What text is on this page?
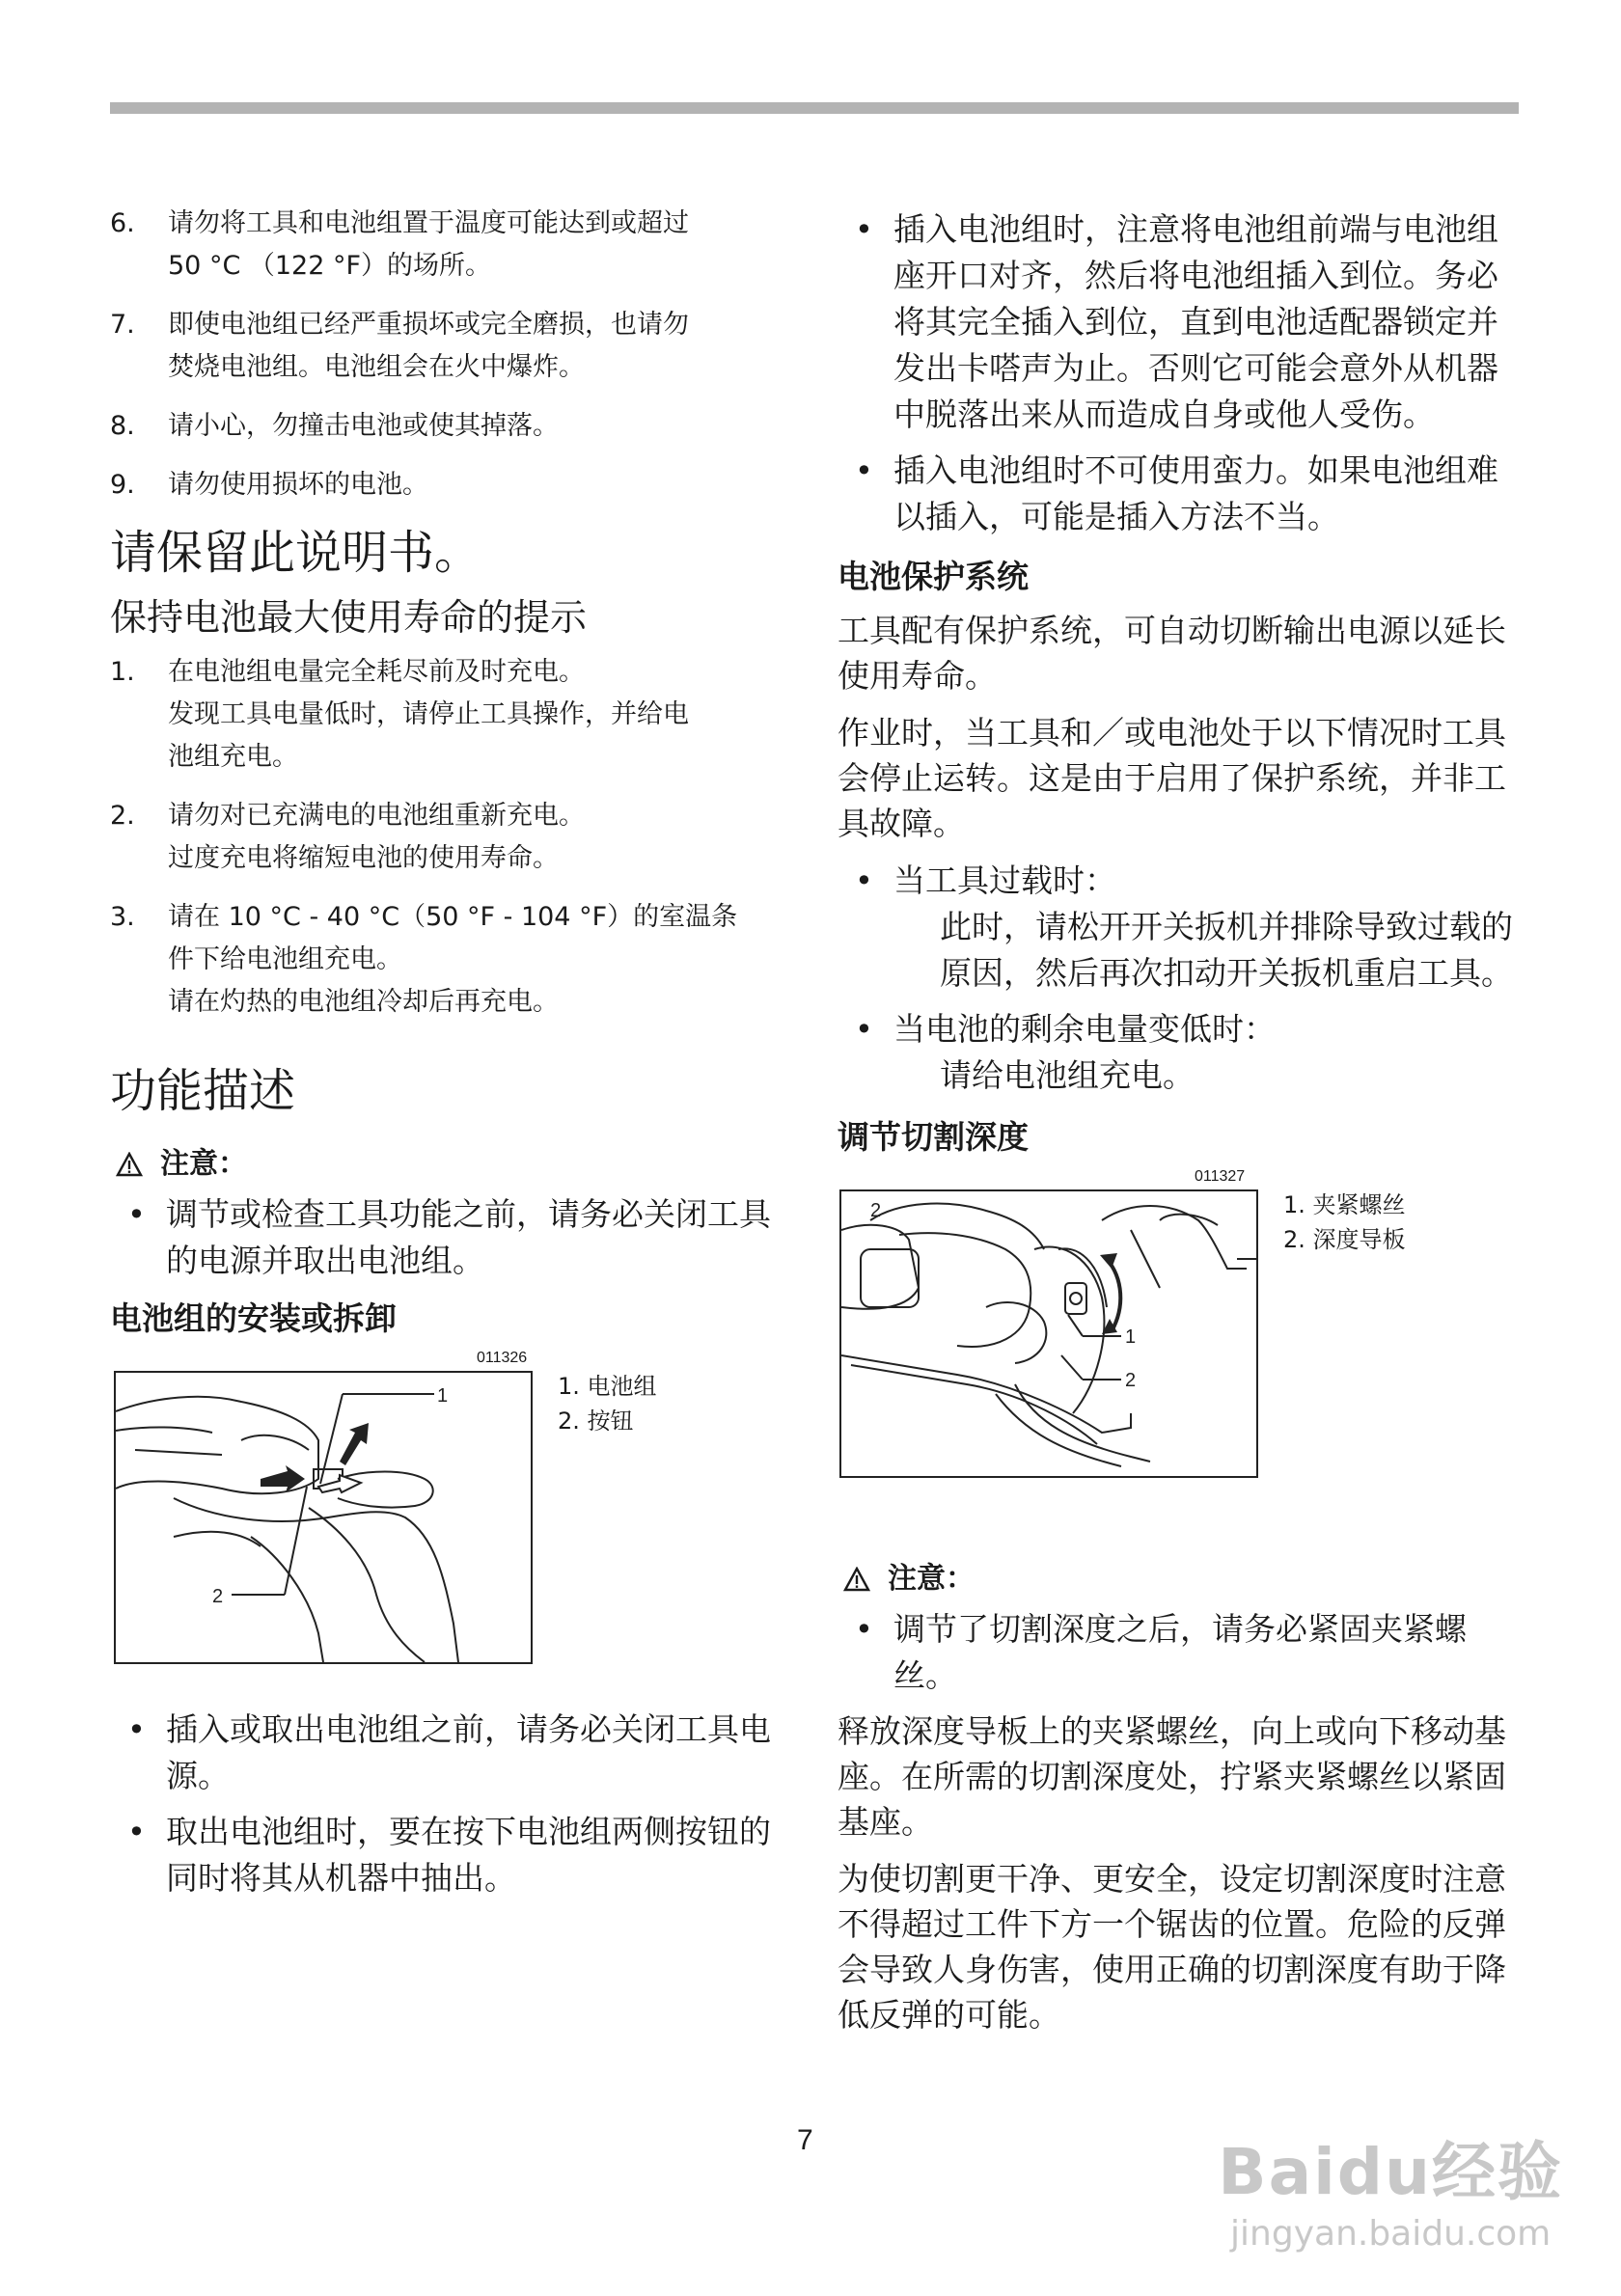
6. 请勿将工具和电池组置于温度可能达到或超过
50 °C （122 °F）的场所。
7. 即使电池组已经严重损坏或完全磨损，也请勿
焚烧电池组。电池组会在火中爆炸。
8. 请小心，勿撞击电池或使其掉落。
9. 请勿使用损坏的电池。
请保留此说明书。
保持电池最大使用寿命的提示
1. 在电池组电量完全耗尽前及时充电。
发现工具电量低时，请停止工具操作，并给电
池组充电。
2. 请勿对已充满电的电池组重新充电。
过度充电将缩短电池的使用寿命。
3. 请在 10 °C - 40 °C（50 °F - 104 °F）的室温条
件下给电池组充电。
请在灼热的电池组冷却后再充电。
功能描述
注意：
• 调节或检查工具功能之前，请务必关闭工具的电源并取出电池组。
电池组的安装或拆卸
011326
1
2
1. 电池组
2. 按钮
• 插入或取出电池组之前，请务必关闭工具电源。
• 取出电池组时，要在按下电池组两侧按钮的同时将其从机器中抽出。
• 插入电池组时，注意将电池组前端与电池组座开口对齐，然后将电池组插入到位。务必将其完全插入到位，直到电池适配器锁定并发出卡嗒声为止。否则它可能会意外从机器中脱落出来从而造成自身或他人受伤。
• 插入电池组时不可使用蛮力。如果电池组难以插入，可能是插入方法不当。
电池保护系统
工具配有保护系统，可自动切断输出电源以延长使用寿命。
作业时，当工具和／或电池处于以下情况时工具会停止运转。这是由于启用了保护系统，并非工具故障。
• 当工具过载时：
此时，请松开开关扳机并排除导致过载的原因，然后再次扣动开关扳机重启工具。
• 当电池的剩余电量变低时：
请给电池组充电。
调节切割深度
011327
2
1
2
1. 夹紧螺丝
2. 深度导板
注意：
• 调节了切割深度之后，请务必紧固夹紧螺丝。
释放深度导板上的夹紧螺丝，向上或向下移动基座。在所需的切割深度处，拧紧夹紧螺丝以紧固基座。
为使切割更干净、更安全，设定切割深度时注意不得超过工件下方一个锯齿的位置。危险的反弹会导致人身伤害，使用正确的切割深度有助于降低反弹的可能。
7	Baidu经验
jingyan.baidu.com
